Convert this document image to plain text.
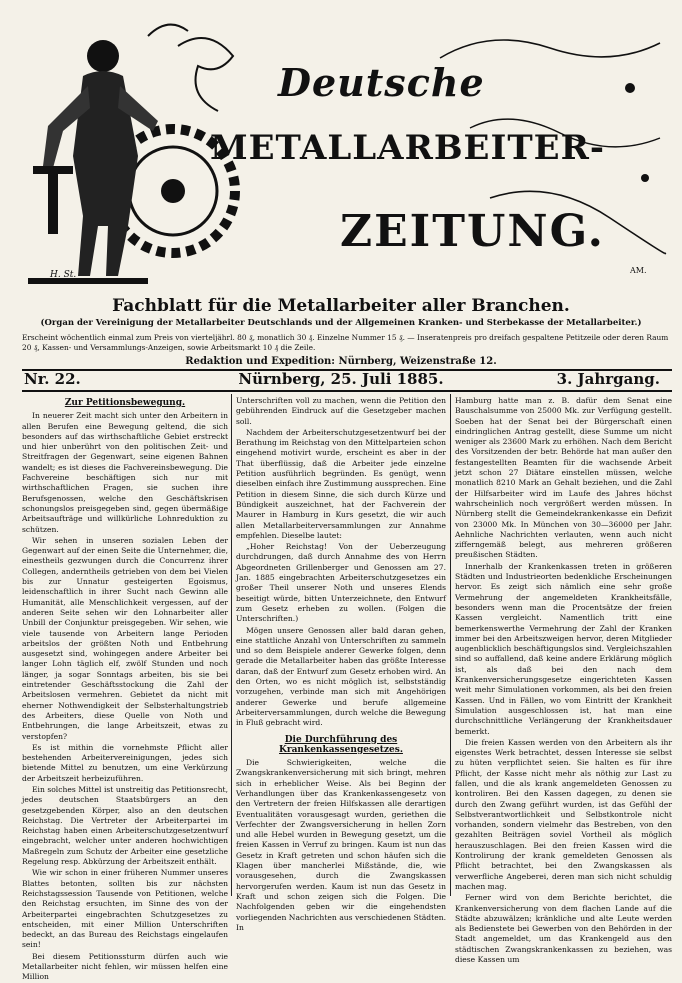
Deutsche
METALLARBEITER-
ZEITUNG.
H. St.	AM.
Fachblatt für die Metallarbeiter aller Branchen.
(Organ der Vereinigung der Metallarbeiter Deutschlands und der Allgemeinen Kranken- und Sterbekasse der Metallarbeiter.)
Erscheint wöchentlich einmal zum Preis von vierteljährl. 80 ₰, monatlich 30 ₰. Einzelne Nummer 15 ₰. — Inseratenpreis pro dreifach gespaltene Petitzeile oder deren Raum 20 ₰, Kassen- und Versammlungs-Anzeigen, sowie Arbeitsmarkt 10 ₰ die Zeile.
Redaktion und Expedition: Nürnberg, Weizenstraße 12.
Nr. 22.	Nürnberg, 25. Juli 1885.	3. Jahrgang.
Zur Petitionsbewegung.

In neuerer Zeit macht sich unter den Arbeitern in allen Berufen eine Bewegung geltend, die sich besonders auf das wirthschaftliche Gebiet erstreckt und hier unberührt von den politischen Zeit- und Streitfragen der Gegenwart, seine eigenen Bahnen wandelt; es ist dieses die Fachvereinsbewegung. Die Fachvereine beschäftigen sich nur mit wirthschaftlichen Fragen, sie suchen ihre Berufsgenossen, welche den Geschäftskrisen schonungslos preisgegeben sind, gegen übermäßige Arbeitsaufträge und willkürliche Lohnreduktion zu schützen.

Wir sehen in unseren sozialen Leben der Gegenwart auf der einen Seite die Unternehmer, die, einestheils gezwungen durch die Concurrenz ihrer Collegen, anderntheils getrieben von dem bei Vielen bis zur Unnatur gesteigerten Egoismus, leidenschaftlich in ihrer Sucht nach Gewinn alle Humanität, alle Menschlichkeit vergessen, auf der anderen Seite sehen wir den Lohnarbeiter aller Unbill der Conjunktur preisgegeben. Wir sehen, wie viele tausende von Arbeitern lange Perioden arbeitslos der größten Noth und Entbehrung ausgesetzt sind, wohingegen andere Arbeiter bei langer Lohn täglich elf, zwölf Stunden und noch länger, ja sogar Sonntags arbeiten, bis sie bei eintretender Geschäftsstockung die Zahl der Arbeitslosen vermehren. Gebietet da nicht mit eherner Nothwendigkeit der Selbsterhaltungstrieb des Arbeiters, diese Quelle von Noth und Entbehrungen, die lange Arbeitszeit, etwas zu verstopfen?

Es ist mithin die vornehmste Pflicht aller bestehenden Arbeitervereinigungen, jedes sich bietende Mittel zu benutzen, um eine Verkürzung der Arbeitszeit herbeizuführen.

Ein solches Mittel ist unstreitig das Petitionsrecht, jedes deutschen Staatsbürgers an den gesetzgebenden Körper, also an den deutschen Reichstag. Die Vertreter der Arbeiterpartei im Reichstag haben einen Arbeiterschutzgesetzentwurf eingebracht, welcher unter anderen hochwichtigen Maßregeln zum Schutz der Arbeiter eine gesetzliche Regelung resp. Abkürzung der Arbeitszeit enthält.

Wie wir schon in einer früheren Nummer unseres Blattes betonten, sollten bis zur nächsten Reichstagssession Tausende von Petitionen, welche den Reichstag ersuchten, im Sinne des von der Arbeiterpartei eingebrachten Schutzgesetzes zu entscheiden, mit einer Million Unterschriften bedeckt, an das Bureau des Reichstags eingelaufen sein!

Bei diesem Petitionssturm dürfen auch wie Metallarbeiter nicht fehlen, wir müssen helfen eine Million

Unterschriften voll zu machen, wenn die Petition den gebührenden Eindruck auf die Gesetzgeber machen soll.

Nachdem der Arbeiterschutzgesetzentwurf bei der Berathung im Reichstag von den Mittelparteien schon eingehend motivirt wurde, erscheint es aber in der That überflüssig, daß die Arbeiter jede einzelne Petition ausführlich begründen. Es genügt, wenn dieselben einfach ihre Zustimmung aussprechen. Eine Petition in diesem Sinne, die sich durch Kürze und Bündigkeit auszeichnet, hat der Fachverein der Maurer in Hamburg in Kurs gesetzt, die wir auch allen Metallarbeiterversammlungen zur Annahme empfehlen. Dieselbe lautet:

„Hoher Reichstag! Von der Ueberzeugung durchdrungen, daß durch Annahme des von Herrn Abgeordneten Grillenberger und Genossen am 27. Jan. 1885 eingebrachten Arbeiterschutzgesetzes ein großer Theil unserer Noth und unseres Elends beseitigt würde, bitten Unterzeichnete, den Entwurf zum Gesetz erheben zu wollen. (Folgen die Unterschriften.)

Mögen unsere Genossen aller bald daran gehen, eine stattliche Anzahl von Unterschriften zu sammeln und so dem Beispiele anderer Gewerke folgen, denn gerade die Metallarbeiter haben das größte Interesse daran, daß der Entwurf zum Gesetz erhoben wird. An den Orten, wo es nicht möglich ist, selbstständig vorzugehen, verbinde man sich mit Angehörigen anderer Gewerke und berufe allgemeine Arbeiterversammlungen, durch welche die Bewegung in Fluß gebracht wird.

Die Durchführung des Krankenkassengesetzes.

Die Schwierigkeiten, welche die Zwangskrankenversicherung mit sich bringt, mehren sich in erheblicher Weise. Als bei Beginn der Verhandlungen über das Krankenkassengesetz von den Vertretern der freien Hilfskassen alle derartigen Eventualitäten vorausgesagt wurden, geriethen die Verfechter der Zwangsversicherung in hellen Zorn und alle Hebel wurden in Bewegung gesetzt, um die freien Kassen in Verruf zu bringen. Kaum ist nun das Gesetz in Kraft getreten und schon häufen sich die Klagen über mancherlei Mißstände, die, wie vorausgesehen, durch die Zwangskassen hervorgerufen werden. Kaum ist nun das Gesetz in Kraft und schon zeigen sich die Folgen. Die Nachfolgenden geben wir die eingehendsten vorliegenden Nachrichten aus verschiedenen Städten. In

Hamburg hatte man z. B. dafür dem Senat eine Bauschalsumme von 25000 Mk. zur Verfügung gestellt. Soeben hat der Senat bei der Bürgerschaft einen eindringlichen Antrag gestellt, diese Summe um nicht weniger als 23600 Mark zu erhöhen. Nach dem Bericht des Vorsitzenden der betr. Behörde hat man außer den festangestellten Beamten für die wachsende Arbeit jetzt schon 27 Diätare einstellen müssen, welche monatlich 8210 Mark an Gehalt beziehen, und die Zahl der Hilfsarbeiter wird im Laufe des Jahres höchst wahrscheinlich noch vergrößert werden müssen. In Nürnberg stellt die Gemeindekrankenkasse ein Defizit von 23000 Mk. In München von 30—36000 per Jahr. Aehnliche Nachrichten verlauten, wenn auch nicht zifferngemäß belegt, aus mehreren größeren preußischen Städten.

Innerhalb der Krankenkassen treten in größeren Städten und Industrieorten bedenkliche Erscheinungen hervor. Es zeigt sich nämlich eine sehr große Vermehrung der angemeldeten Krankheitsfälle, besonders wenn man die Procentsätze der freien Kassen vergleicht. Namentlich tritt eine bemerkenswerthe Vermehrung der Zahl der Kranken immer bei den Arbeitszweigen hervor, deren Mitglieder augenblicklich beschäftigungslos sind. Vergleichszahlen sind so auffallend, daß keine andere Erklärung möglich ist, als daß bei den nach dem Krankenversicherungsgesetze eingerichteten Kassen weit mehr Simulationen vorkommen, als bei den freien Kassen. Und in Fällen, wo vom Eintritt der Krankheit Simulation ausgeschlossen ist, hat man eine durchschnittliche Verlängerung der Krankheitsdauer bemerkt.

Die freien Kassen werden von den Arbeitern als ihr eigenstes Werk betrachtet, dessen Interesse sie selbst zu hüten verpflichtet seien. Sie halten es für ihre Pflicht, der Kasse nicht mehr als nöthig zur Last zu fallen, und die als krank angemeldeten Genossen zu kontroliren. Bei den Kassen dagegen, zu denen sie durch den Zwang geführt wurden, ist das Gefühl der Selbstverantwortlichkeit und Selbstkontrole nicht vorhanden, sondern vielmehr das Bestreben, von den gezahlten Beiträgen soviel Vortheil als möglich herauszuschlagen. Bei den freien Kassen wird die Kontrolirung der krank gemeldeten Genossen als Pflicht betrachtet, bei den Zwangskassen als verwerfliche Angeberei, deren man sich nicht schuldig machen mag.

Ferner wird von dem Berichte berichtet, die Krankenversicherung von dem flachen Lande auf die Städte abzuwälzen; kränkliche und alte Leute werden als Bedienstete bei Gewerben von den Behörden in der Stadt angemeldet, um das Krankengeld aus den städtischen Zwangskrankenkassen zu beziehen, was diese Kassen um
